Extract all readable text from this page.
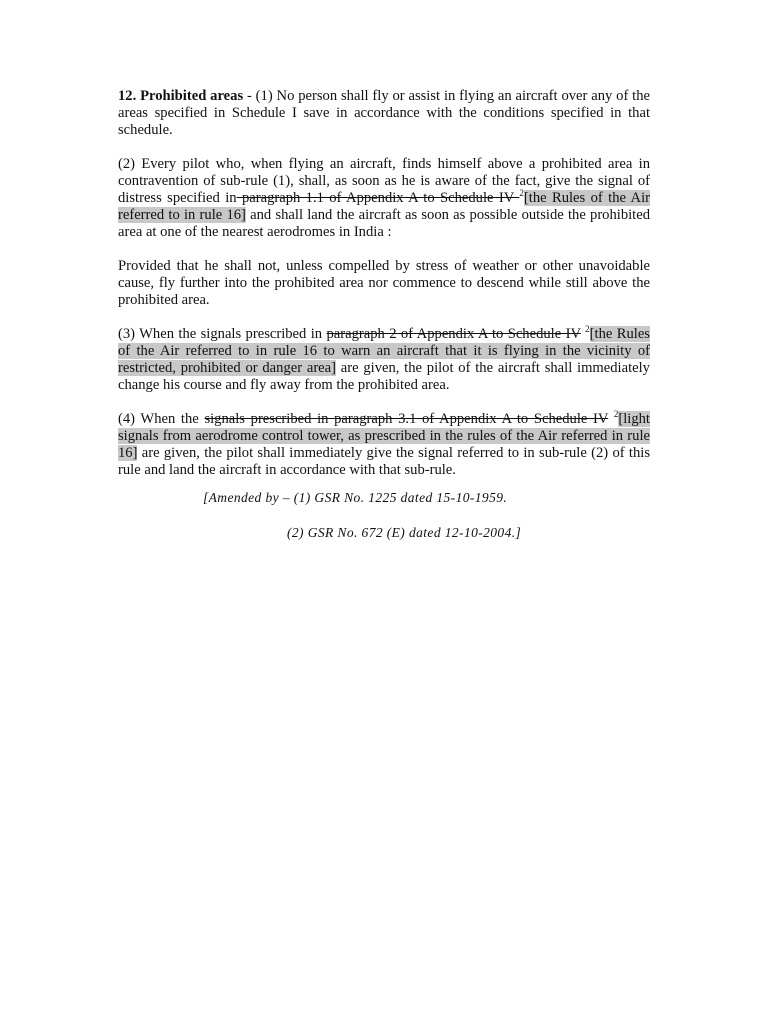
12. Prohibited areas - (1) No person shall fly or assist in flying an aircraft over any of the areas specified in Schedule I save in accordance with the conditions specified in that schedule.

(2) Every pilot who, when flying an aircraft, finds himself above a prohibited area in contravention of sub-rule (1), shall, as soon as he is aware of the fact, give the signal of distress specified in paragraph 1.1 of Appendix A to Schedule IV $^2$[the Rules of the Air referred to in rule 16] and shall land the aircraft as soon as possible outside the prohibited area at one of the nearest aerodromes in India :

Provided that he shall not, unless compelled by stress of weather or other unavoidable cause, fly further into the prohibited area nor commence to descend while still above the prohibited area.

(3) When the signals prescribed in paragraph 2 of Appendix A to Schedule IV $^2$[the Rules of the Air referred to in rule 16 to warn an aircraft that it is flying in the vicinity of restricted, prohibited or danger area] are given, the pilot of the aircraft shall immediately change his course and fly away from the prohibited area.

(4) When the signals prescribed in paragraph 3.1 of Appendix A to Schedule IV $^2$[light signals from aerodrome control tower, as prescribed in the rules of the Air referred in rule 16] are given, the pilot shall immediately give the signal referred to in sub-rule (2) of this rule and land the aircraft in accordance with that sub-rule.

[Amended by – (1) GSR No. 1225 dated 15-10-1959.
(2) GSR No. 672 (E) dated 12-10-2004.]
